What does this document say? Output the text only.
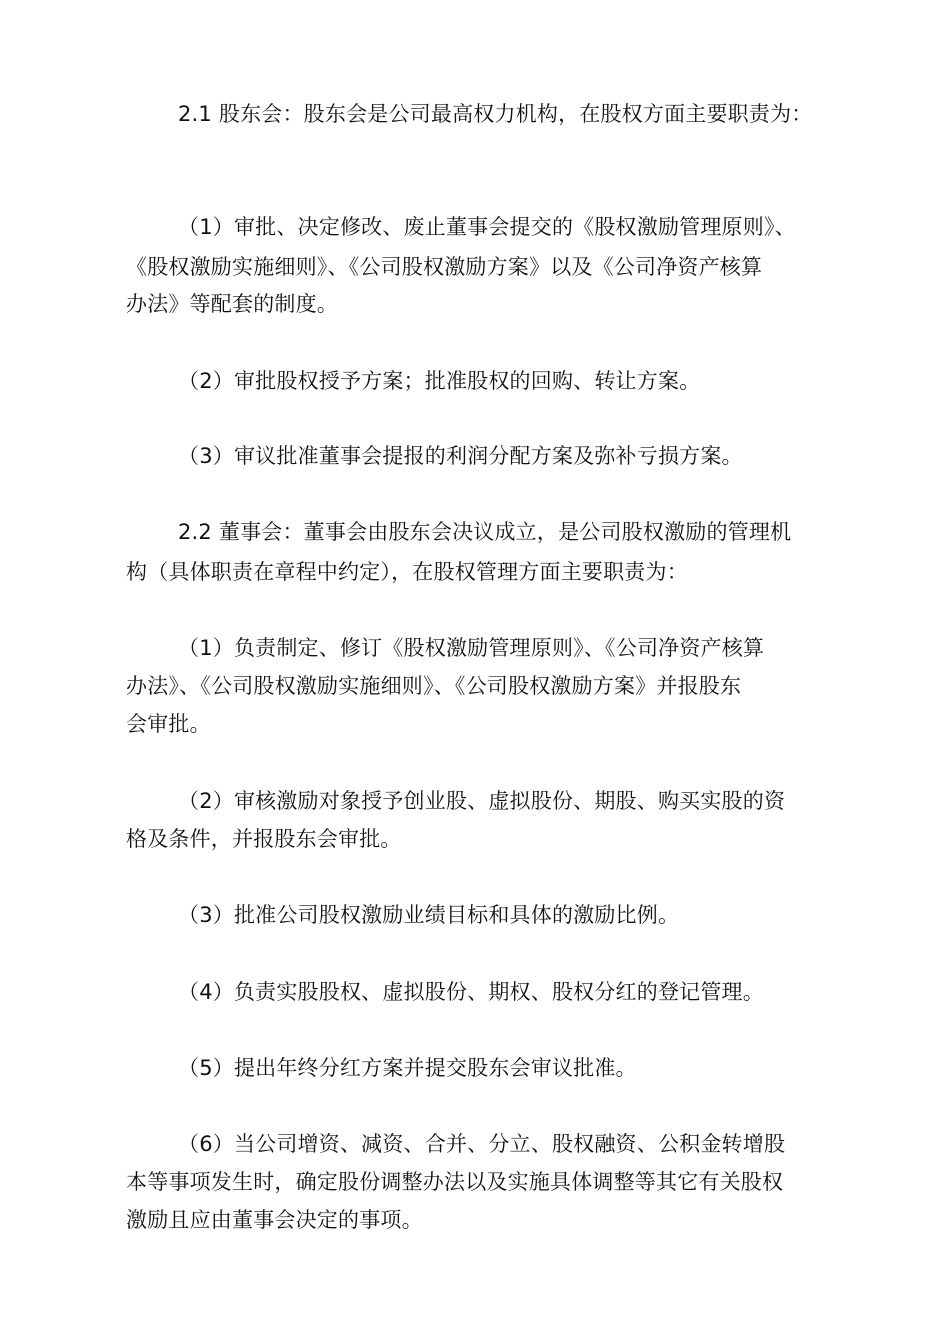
2.1 股东会：股东会是公司最高权力机构，在股权方面主要职责为：
（1）审批、决定修改、废止董事会提交的《股权激励管理原则》、
《股权激励实施细则》、《公司股权激励方案》以及《公司净资产核算
办法》等配套的制度。
（2）审批股权授予方案；批准股权的回购、转让方案。
（3）审议批准董事会提报的利润分配方案及弥补亏损方案。
2.2 董事会：董事会由股东会决议成立，是公司股权激励的管理机
构（具体职责在章程中约定），在股权管理方面主要职责为：
（1）负责制定、修订《股权激励管理原则》、《公司净资产核算
办法》、《公司股权激励实施细则》、《公司股权激励方案》并报股东
会审批。
（2）审核激励对象授予创业股、虚拟股份、期股、购买实股的资
格及条件，并报股东会审批。
（3）批准公司股权激励业绩目标和具体的激励比例。
（4）负责实股股权、虚拟股份、期权、股权分红的登记管理。
（5）提出年终分红方案并提交股东会审议批准。
（6）当公司增资、减资、合并、分立、股权融资、公积金转增股
本等事项发生时，确定股份调整办法以及实施具体调整等其它有关股权
激励且应由董事会决定的事项。
